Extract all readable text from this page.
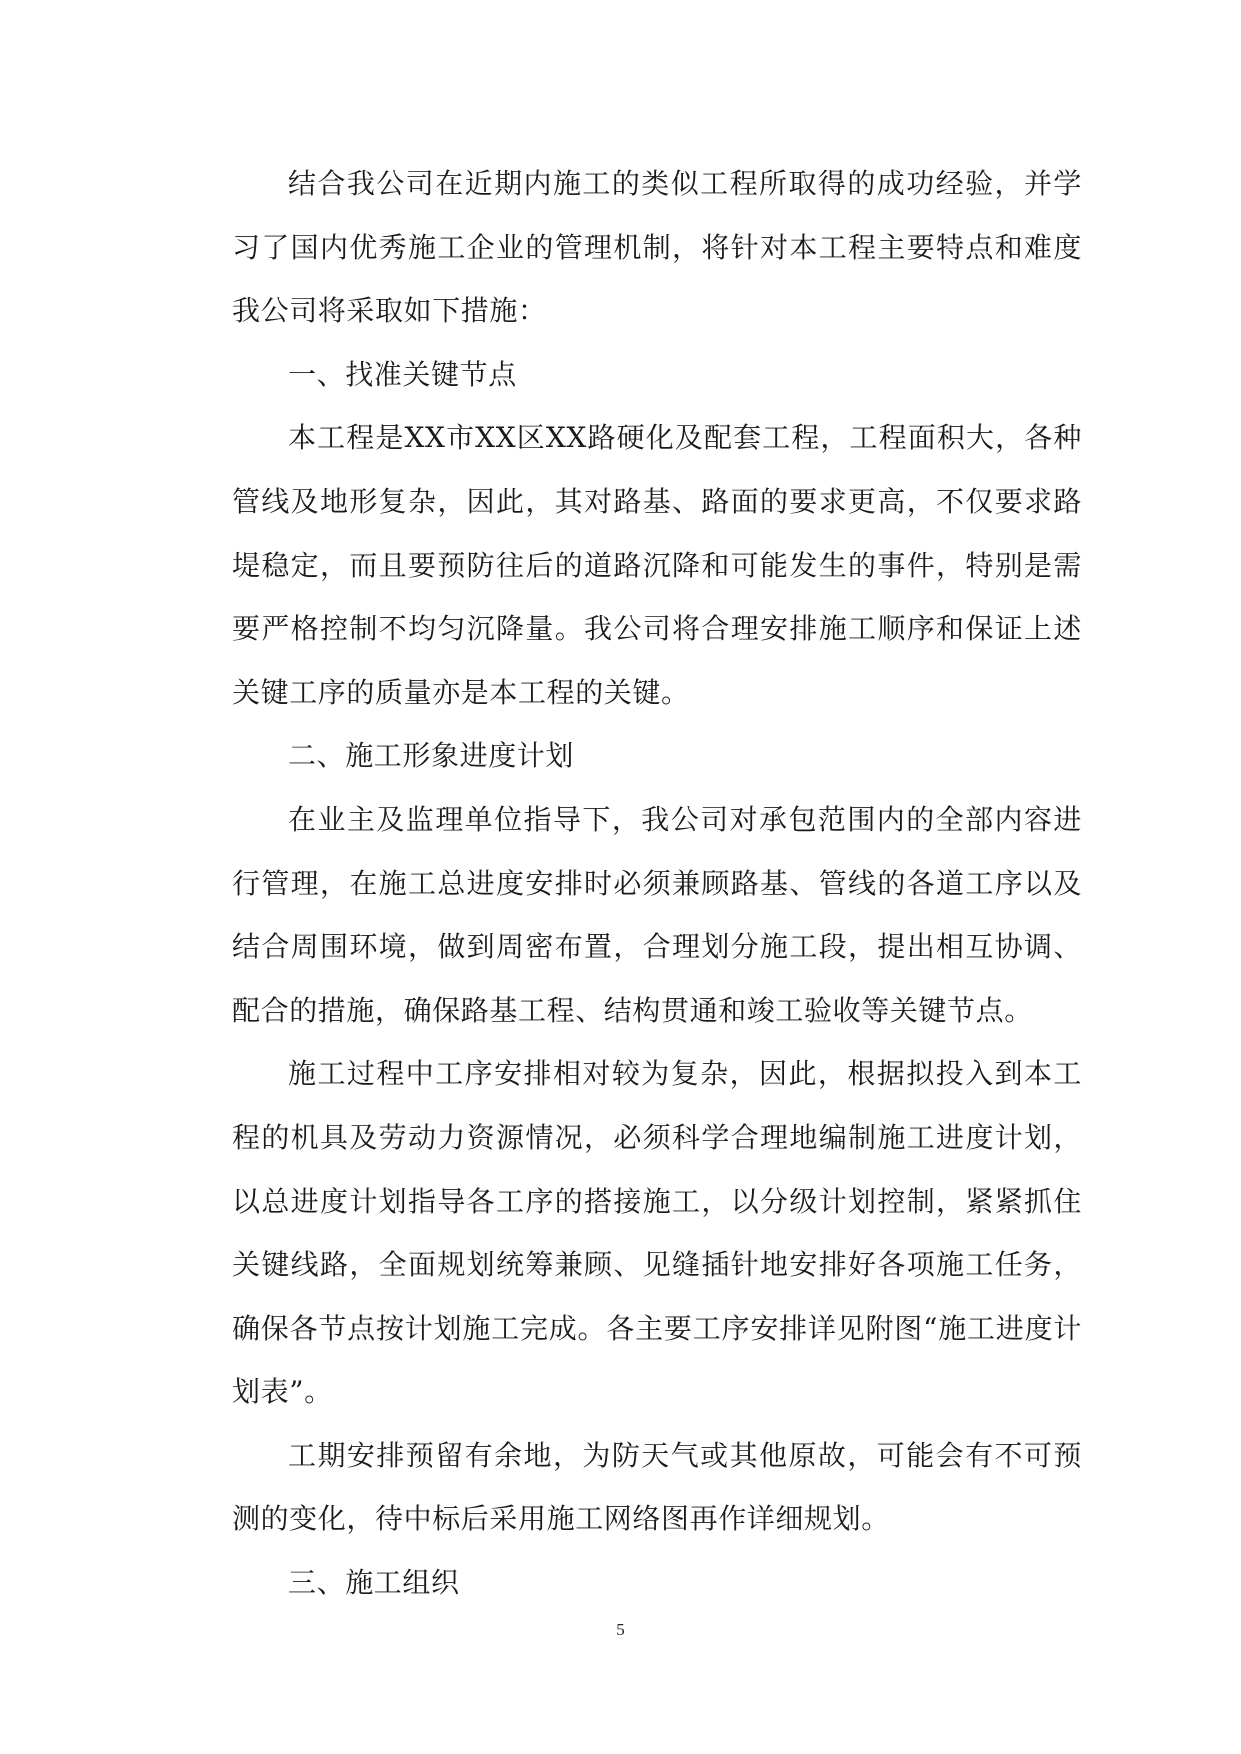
结合我公司在近期内施工的类似工程所取得的成功经验，并学习了国内优秀施工企业的管理机制，将针对本工程主要特点和难度我公司将采取如下措施：

一、找准关键节点

本工程是XX市XX区XX路硬化及配套工程，工程面积大，各种管线及地形复杂，因此，其对路基、路面的要求更高，不仅要求路堤稳定，而且要预防往后的道路沉降和可能发生的事件，特别是需要严格控制不均匀沉降量。我公司将合理安排施工顺序和保证上述关键工序的质量亦是本工程的关键。

二、施工形象进度计划

在业主及监理单位指导下，我公司对承包范围内的全部内容进行管理，在施工总进度安排时必须兼顾路基、管线的各道工序以及结合周围环境，做到周密布置，合理划分施工段，提出相互协调、配合的措施，确保路基工程、结构贯通和竣工验收等关键节点。

施工过程中工序安排相对较为复杂，因此，根据拟投入到本工程的机具及劳动力资源情况，必须科学合理地编制施工进度计划，以总进度计划指导各工序的搭接施工，以分级计划控制，紧紧抓住关键线路，全面规划统筹兼顾、见缝插针地安排好各项施工任务，确保各节点按计划施工完成。各主要工序安排详见附图“施工进度计划表”。

工期安排预留有余地，为防天气或其他原故，可能会有不可预测的变化，待中标后采用施工网络图再作详细规划。

三、施工组织

5
